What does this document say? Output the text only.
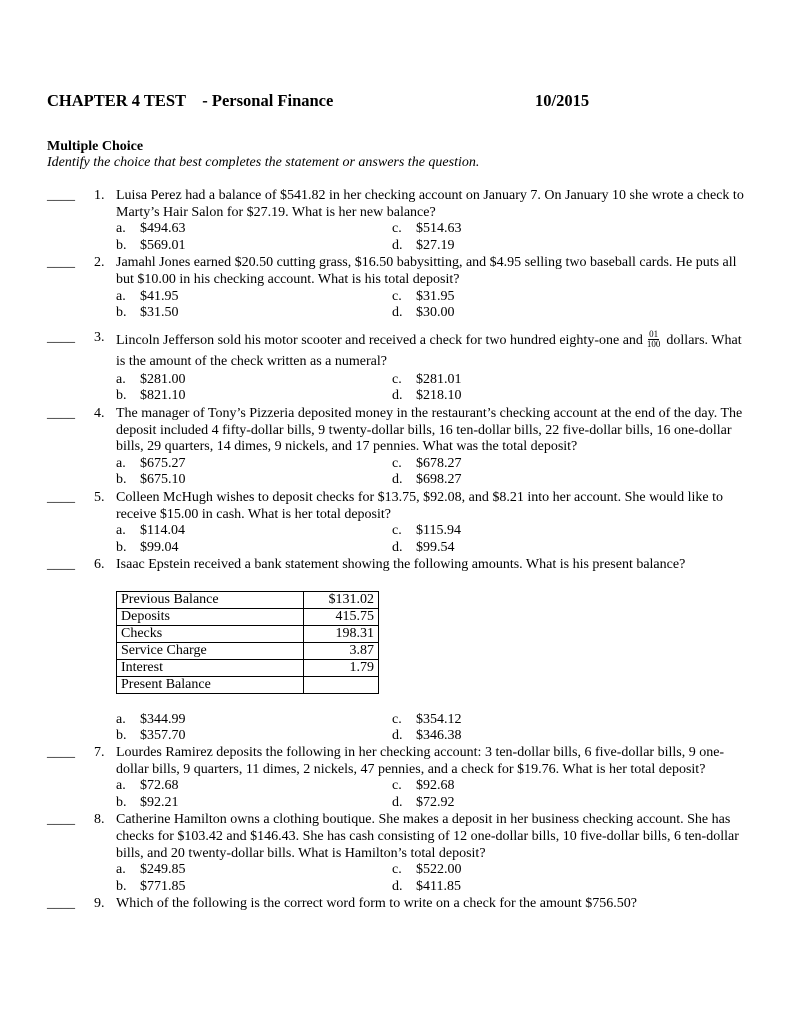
CHAPTER 4 TEST    - Personal Finance	10/2015
Multiple Choice
Identify the choice that best completes the statement or answers the question.
____ 1. Luisa Perez had a balance of $541.82 in her checking account on January 7. On January 10 she wrote a check to Marty’s Hair Salon for $27.19. What is her new balance?
a.	$494.63	c.	$514.63
b. $569.01	d. $27.19
____ 2. Jamahl Jones earned $20.50 cutting grass, $16.50 babysitting, and $4.95 selling two baseball cards. He puts all but $10.00 in his checking account. What is his total deposit?
a.	$41.95	c.	$31.95
b. $31.50	d. $30.00
____ 3. Lincoln Jefferson sold his motor scooter and received a check for two hundred eighty-one and $\frac{01}{100}$ dollars. What is the amount of the check written as a numeral?
a.	$281.00	c.	$281.01
b. $821.10	d. $218.10
____ 4. The manager of Tony’s Pizzeria deposited money in the restaurant’s checking account at the end of the day. The deposit included 4 fifty-dollar bills, 9 twenty-dollar bills, 16 ten-dollar bills, 22 five-dollar bills, 16 one-dollar bills, 29 quarters, 14 dimes, 9 nickels, and 17 pennies. What was the total deposit?
a.	$675.27	c.	$678.27
b. $675.10	d. $698.27
____ 5. Colleen McHugh wishes to deposit checks for $13.75, $92.08, and $8.21 into her account. She would like to receive $15.00 in cash. What is her total deposit?
a.	$114.04	c.	$115.94
b. $99.04	d. $99.54
____ 6. Isaac Epstein received a bank statement showing the following amounts. What is his present balance?
Previous Balance	$131.02
Deposits	415.75
Checks	198.31
Service Charge	3.87
Interest	1.79
Present Balance	
a.	$344.99	c.	$354.12
b. $357.70	d. $346.38
____ 7. Lourdes Ramirez deposits the following in her checking account: 3 ten-dollar bills, 6 five-dollar bills, 9 one-dollar bills, 9 quarters, 11 dimes, 2 nickels, 47 pennies, and a check for $19.76. What is her total deposit?
a.	$72.68	c.	$92.68
b. $92.21	d. $72.92
____ 8. Catherine Hamilton owns a clothing boutique. She makes a deposit in her business checking account. She has checks for $103.42 and $146.43. She has cash consisting of 12 one-dollar bills, 10 five-dollar bills, 6 ten-dollar bills, and 20 twenty-dollar bills. What is Hamilton’s total deposit?
a.	$249.85	c.	$522.00
b. $771.85	d. $411.85
____ 9. Which of the following is the correct word form to write on a check for the amount $756.50?
